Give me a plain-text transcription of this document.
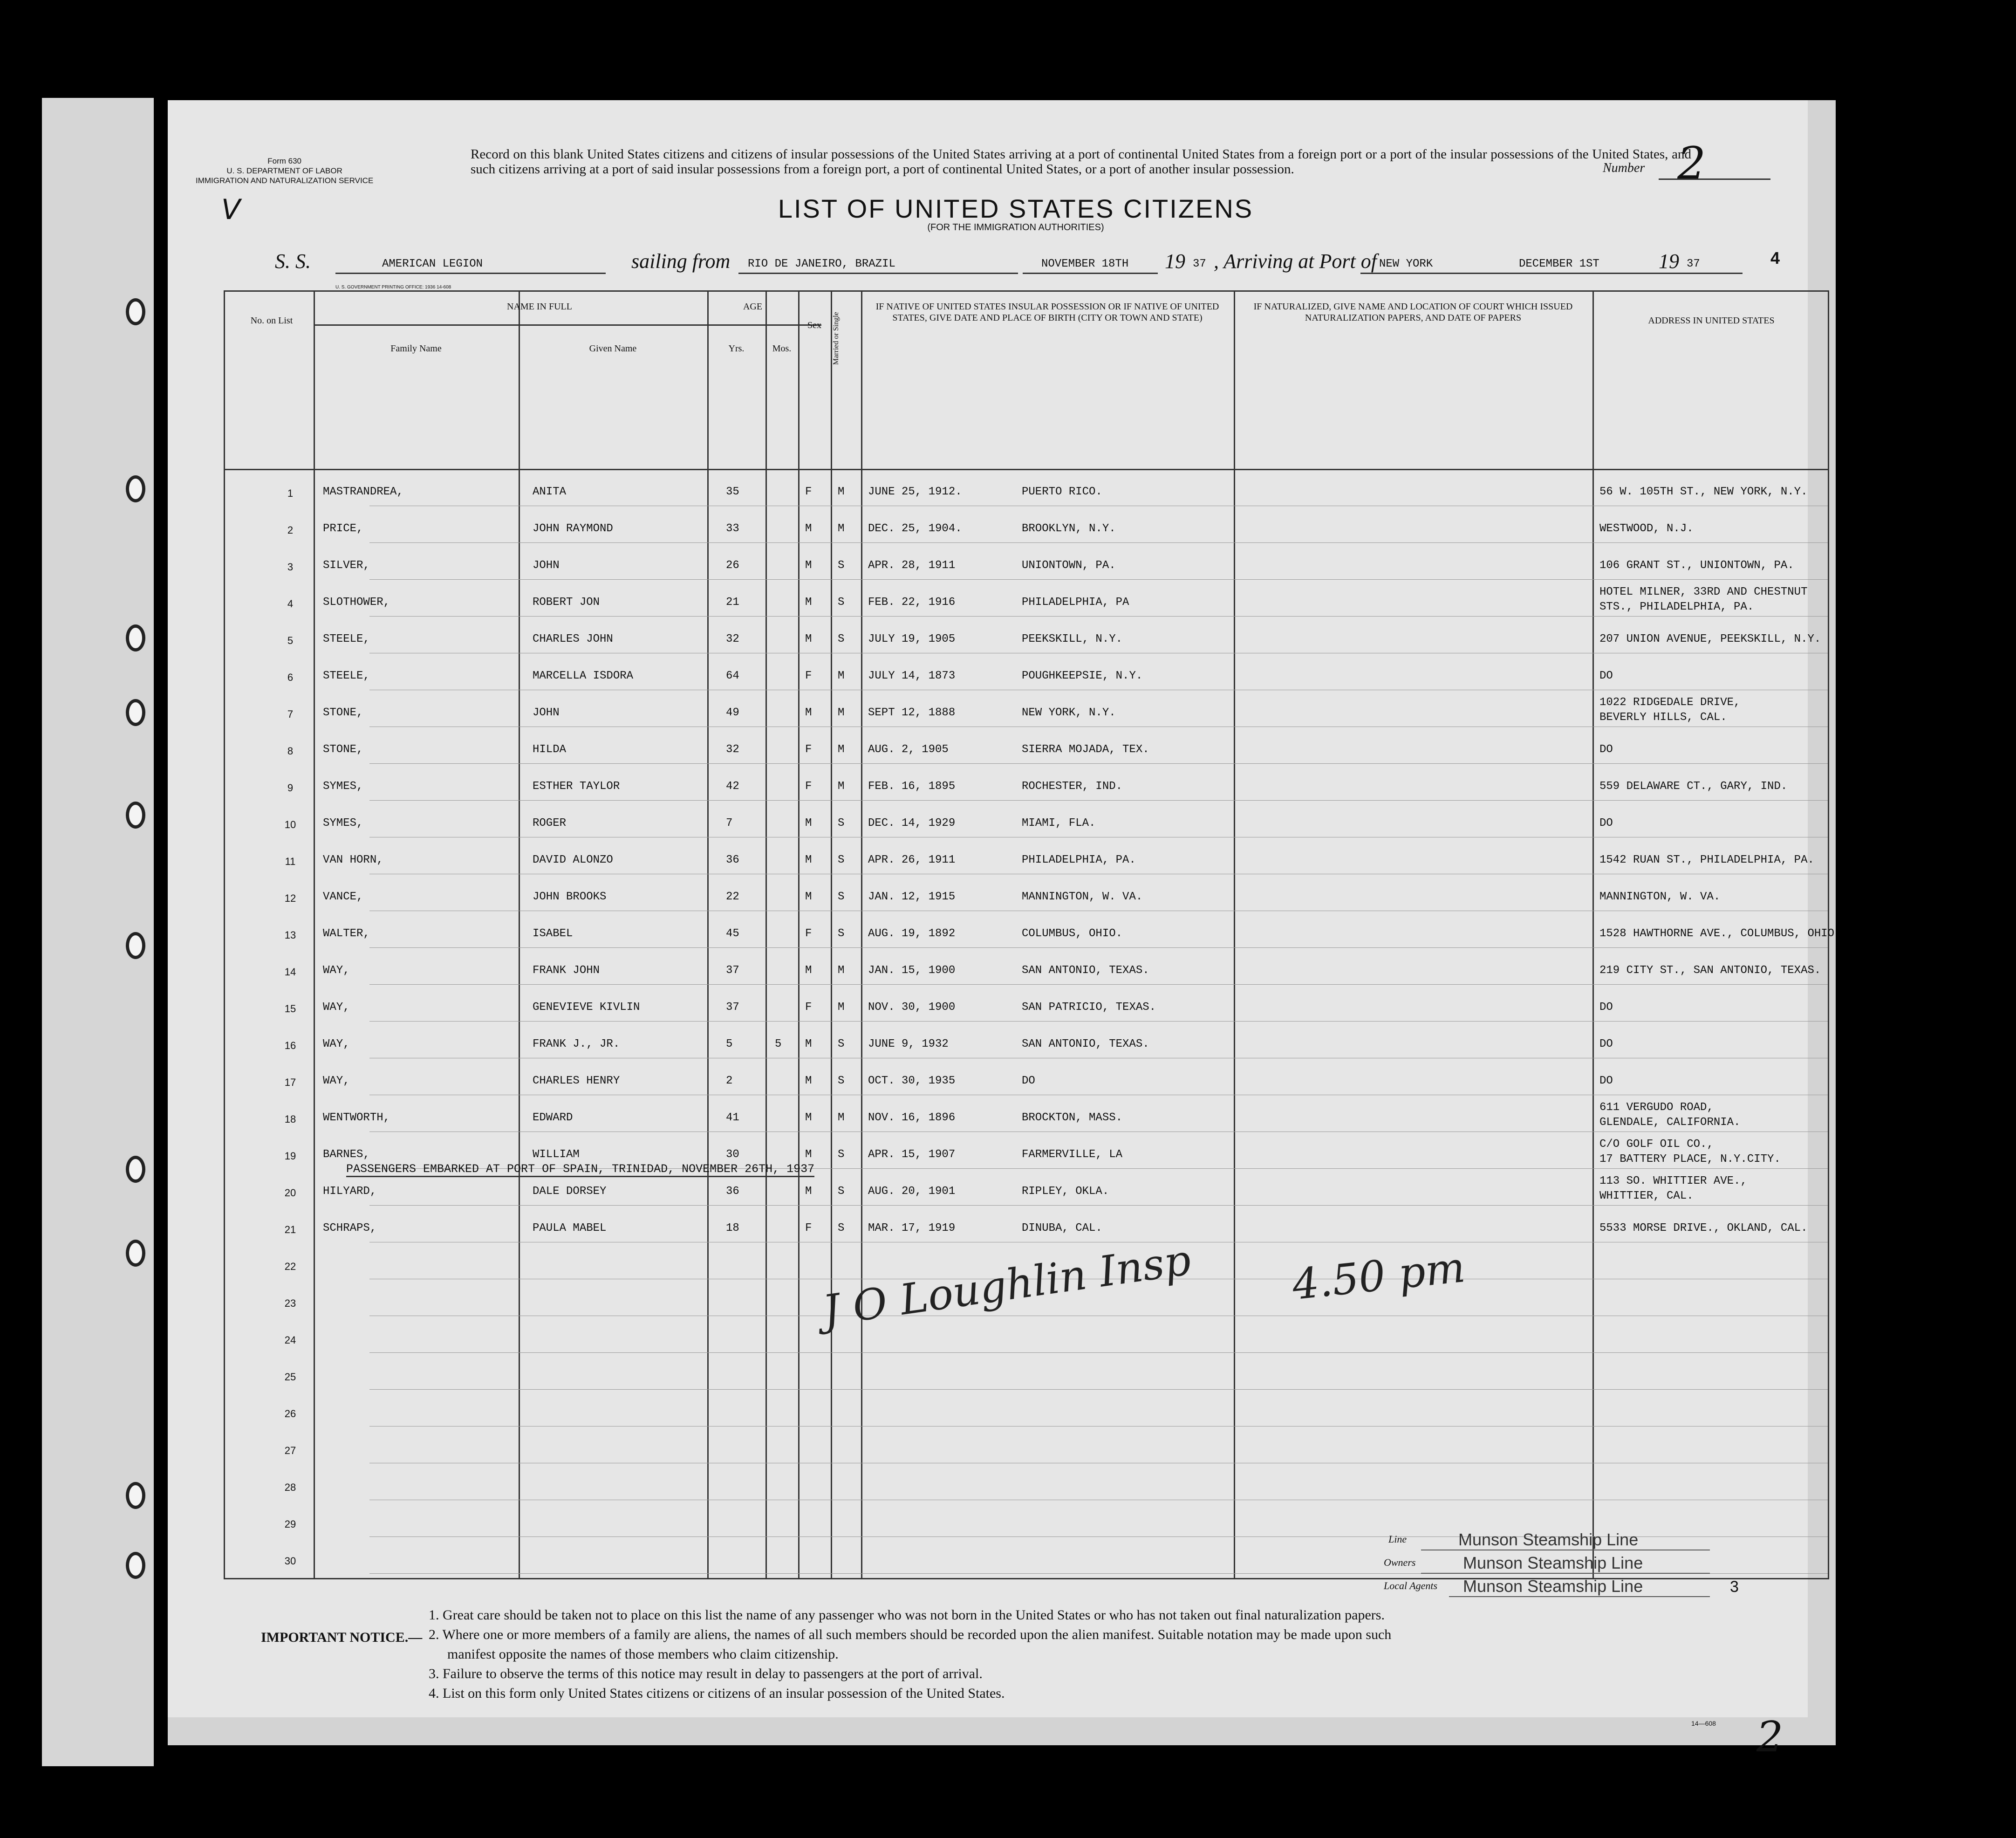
Form 630
U. S. DEPARTMENT OF LABOR
IMMIGRATION AND NATURALIZATION SERVICE
V
Record on this blank United States citizens and citizens of insular possessions of the United States arriving at a port of continental United States from a foreign port or a port of the insular possessions of the United States, and such citizens arriving at a port of said insular possessions from a foreign port, a port of continental United States, or a port of another insular possession.	Number 2
LIST OF UNITED STATES CITIZENS
(FOR THE IMMIGRATION AUTHORITIES)
S. S.	AMERICAN LEGION	sailing from RIO DE JANEIRO, BRAZIL	NOVEMBER 18TH 19 37 , Arriving at Port of NEW YORK	DECEMBER 1ST	19 37	4
U. S. GOVERNMENT PRINTING OFFICE: 1936 14-608
No. on List
NAME IN FULL
Family Name	Given Name
AGE
Yrs.	Mos.
Sex	Married or Single
IF NATIVE OF UNITED STATES INSULAR POSSESSION OR IF NATIVE OF UNITED STATES, GIVE DATE AND PLACE OF BIRTH (CITY OR TOWN AND STATE)
IF NATURALIZED, GIVE NAME AND LOCATION OF COURT WHICH ISSUED NATURALIZATION PAPERS, AND DATE OF PAPERS	ADDRESS IN UNITED STATES
1	MASTRANDREA,	ANITA	35	F M JUNE 25, 1912.	PUERTO RICO.	56 W. 105TH ST., NEW YORK, N.Y.
2	PRICE,	JOHN RAYMOND	33	M M DEC. 25, 1904.	BROOKLYN, N.Y.	WESTWOOD, N.J.
3	SILVER,	JOHN	26	M S APR. 28, 1911	UNIONTOWN, PA.	106 GRANT ST., UNIONTOWN, PA.
4	SLOTHOWER,	ROBERT JON	21	M S FEB. 22, 1916	PHILADELPHIA, PA
HOTEL MILNER, 33RD AND CHESTNUT
STS., PHILADELPHIA, PA.
5	STEELE,	CHARLES JOHN	32	M S JULY 19, 1905	PEEKSKILL, N.Y.	207 UNION AVENUE, PEEKSKILL, N.Y.
6	STEELE,	MARCELLA ISDORA	64	F M JULY 14, 1873	POUGHKEEPSIE, N.Y.	DO
7	STONE,	JOHN	49	M M SEPT 12, 1888	NEW YORK, N.Y.
1022 RIDGEDALE DRIVE,
BEVERLY HILLS, CAL.
8	STONE,	HILDA	32	F M AUG. 2, 1905	SIERRA MOJADA, TEX.	DO
9	SYMES,	ESTHER TAYLOR	42	F M FEB. 16, 1895	ROCHESTER, IND.	559 DELAWARE CT., GARY, IND.
10	SYMES,	ROGER	7	M S DEC. 14, 1929	MIAMI, FLA.	DO
11	VAN HORN,	DAVID ALONZO	36	M S APR. 26, 1911	PHILADELPHIA, PA.	1542 RUAN ST., PHILADELPHIA, PA.
12	VANCE,	JOHN BROOKS	22	M S JAN. 12, 1915	MANNINGTON, W. VA.	MANNINGTON, W. VA.
13	WALTER,	ISABEL	45	F S AUG. 19, 1892	COLUMBUS, OHIO.	1528 HAWTHORNE AVE., COLUMBUS, OHIO
14	WAY,	FRANK JOHN	37	M M JAN. 15, 1900	SAN ANTONIO, TEXAS.	219 CITY ST., SAN ANTONIO, TEXAS.
15	WAY,	GENEVIEVE KIVLIN	37	F M NOV. 30, 1900	SAN PATRICIO, TEXAS.	DO
16	WAY,	FRANK J., JR.	5	5 M S JUNE 9, 1932	SAN ANTONIO, TEXAS.	DO
17	WAY,	CHARLES HENRY	2	M S OCT. 30, 1935	DO	DO
18	WENTWORTH,	EDWARD	41	M M NOV. 16, 1896	BROCKTON, MASS.
611 VERGUDO ROAD,
GLENDALE, CALIFORNIA.
19	BARNES,	WILLIAM	30	M S APR. 15, 1907	FARMERVILLE, LA
C/O GOLF OIL CO.,
17 BATTERY PLACE, N.Y.CITY.
20	HILYARD,	DALE DORSEY	36	M S AUG. 20, 1901	RIPLEY, OKLA.
113 SO. WHITTIER AVE.,
WHITTIER, CAL.
21	SCHRAPS,	PAULA MABEL	18	F S MAR. 17, 1919	DINUBA, CAL.	5533 MORSE DRIVE., OKLAND, CAL.
22
23
24
25
26
27
28
29
30
PASSENGERS EMBARKED AT PORT OF SPAIN, TRINIDAD, NOVEMBER 26TH, 1937
J O Loughlin Insp 4.50 pm
3
Line	Munson Steamship Line
Owners	Munson Steamship Line
Local Agents Munson Steamship Line
IMPORTANT NOTICE.—
1. Great care should be taken not to place on this list the name of any passenger who was not born in the United States or who has not taken out final naturalization papers.
2. Where one or more members of a family are aliens, the names of all such members should be recorded upon the alien manifest. Suitable notation may be made upon such
manifest opposite the names of those members who claim citizenship.
3. Failure to observe the terms of this notice may result in delay to passengers at the port of arrival.
4. List on this form only United States citizens or citizens of an insular possession of the United States.
14—608 2
